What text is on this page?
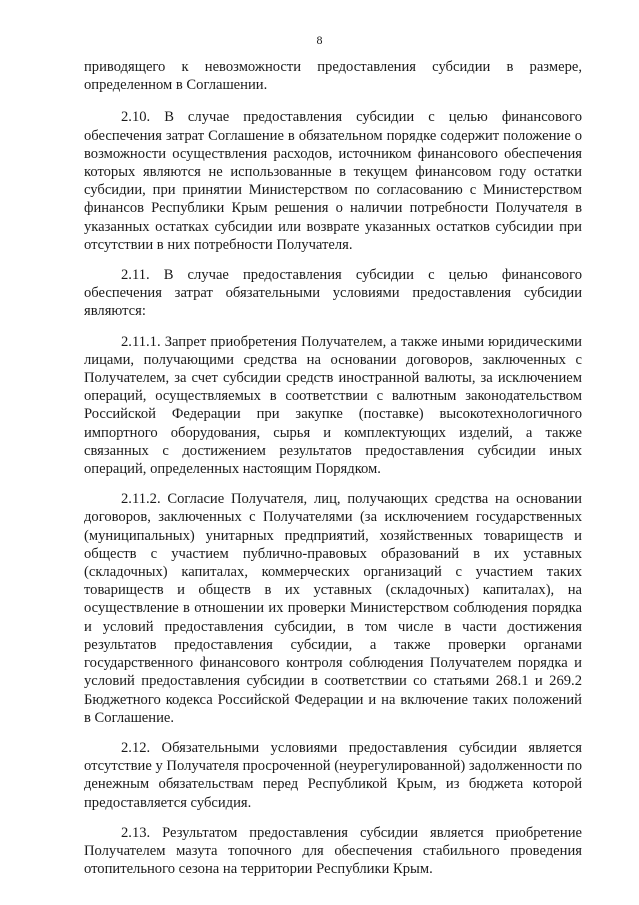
8

приводящего к невозможности предоставления субсидии в размере, определенном в Соглашении.

2.10. В случае предоставления субсидии с целью финансового обеспечения затрат Соглашение в обязательном порядке содержит положение о возможности осуществления расходов, источником финансового обеспечения которых являются не использованные в текущем финансовом году остатки субсидии, при принятии Министерством по согласованию с Министерством финансов Республики Крым решения о наличии потребности Получателя в указанных остатках субсидии или возврате указанных остатков субсидии при отсутствии в них потребности Получателя.

2.11. В случае предоставления субсидии с целью финансового обеспечения затрат обязательными условиями предоставления субсидии являются:

2.11.1. Запрет приобретения Получателем, а также иными юридическими лицами, получающими средства на основании договоров, заключенных с Получателем, за счет субсидии средств иностранной валюты, за исключением операций, осуществляемых в соответствии с валютным законодательством Российской Федерации при закупке (поставке) высокотехнологичного импортного оборудования, сырья и комплектующих изделий, а также связанных с достижением результатов предоставления субсидии иных операций, определенных настоящим Порядком.

2.11.2. Согласие Получателя, лиц, получающих средства на основании договоров, заключенных с Получателями (за исключением государственных (муниципальных) унитарных предприятий, хозяйственных товариществ и обществ с участием публично-правовых образований в их уставных (складочных) капиталах, коммерческих организаций с участием таких товариществ и обществ в их уставных (складочных) капиталах), на осуществление в отношении их проверки Министерством соблюдения порядка и условий предоставления субсидии, в том числе в части достижения результатов предоставления субсидии, а также проверки органами государственного финансового контроля соблюдения Получателем порядка и условий предоставления субсидии в соответствии со статьями 268.1 и 269.2 Бюджетного кодекса Российской Федерации и на включение таких положений в Соглашение.

2.12. Обязательными условиями предоставления субсидии является отсутствие у Получателя просроченной (неурегулированной) задолженности по денежным обязательствам перед Республикой Крым, из бюджета которой предоставляется субсидия.

2.13. Результатом предоставления субсидии является приобретение Получателем мазута топочного для обеспечения стабильного проведения отопительного сезона на территории Республики Крым.
